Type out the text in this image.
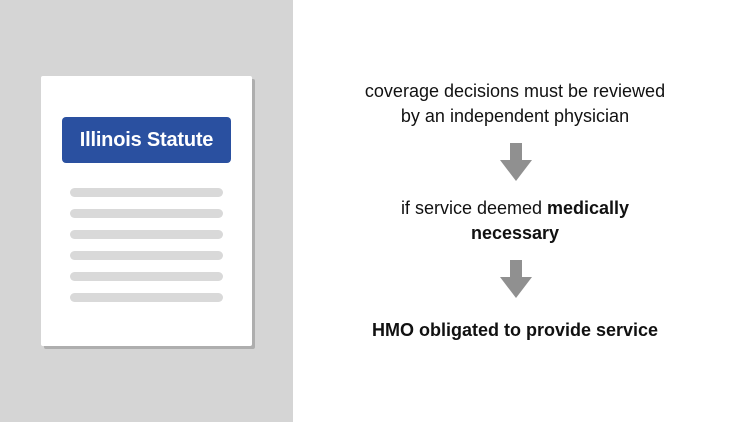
Illinois Statute
coverage decisions must be reviewed
by an independent physician
if service deemed medically
necessary
HMO obligated to provide service
